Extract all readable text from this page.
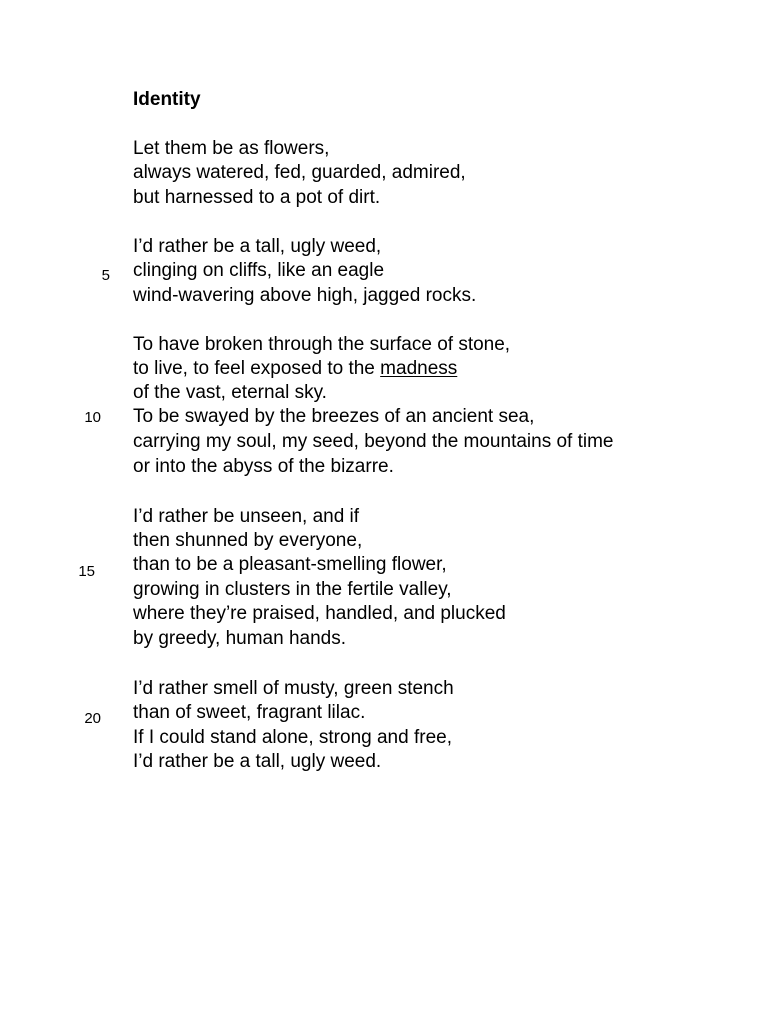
Identity
Let them be as flowers,
always watered, fed, guarded, admired,
but harnessed to a pot of dirt.
I’d rather be a tall, ugly weed,
clinging on cliffs, like an eagle
wind-wavering above high, jagged rocks.
To have broken through the surface of stone,
to live, to feel exposed to the madness
of the vast, eternal sky.
To be swayed by the breezes of an ancient sea,
carrying my soul, my seed, beyond the mountains of time
or into the abyss of the bizarre.
I’d rather be unseen, and if
then shunned by everyone,
than to be a pleasant-smelling flower,
growing in clusters in the fertile valley,
where they’re praised, handled, and plucked
by greedy, human hands.
I’d rather smell of musty, green stench
than of sweet, fragrant lilac.
If I could stand alone, strong and free,
I’d rather be a tall, ugly weed.
5
10
15
20
